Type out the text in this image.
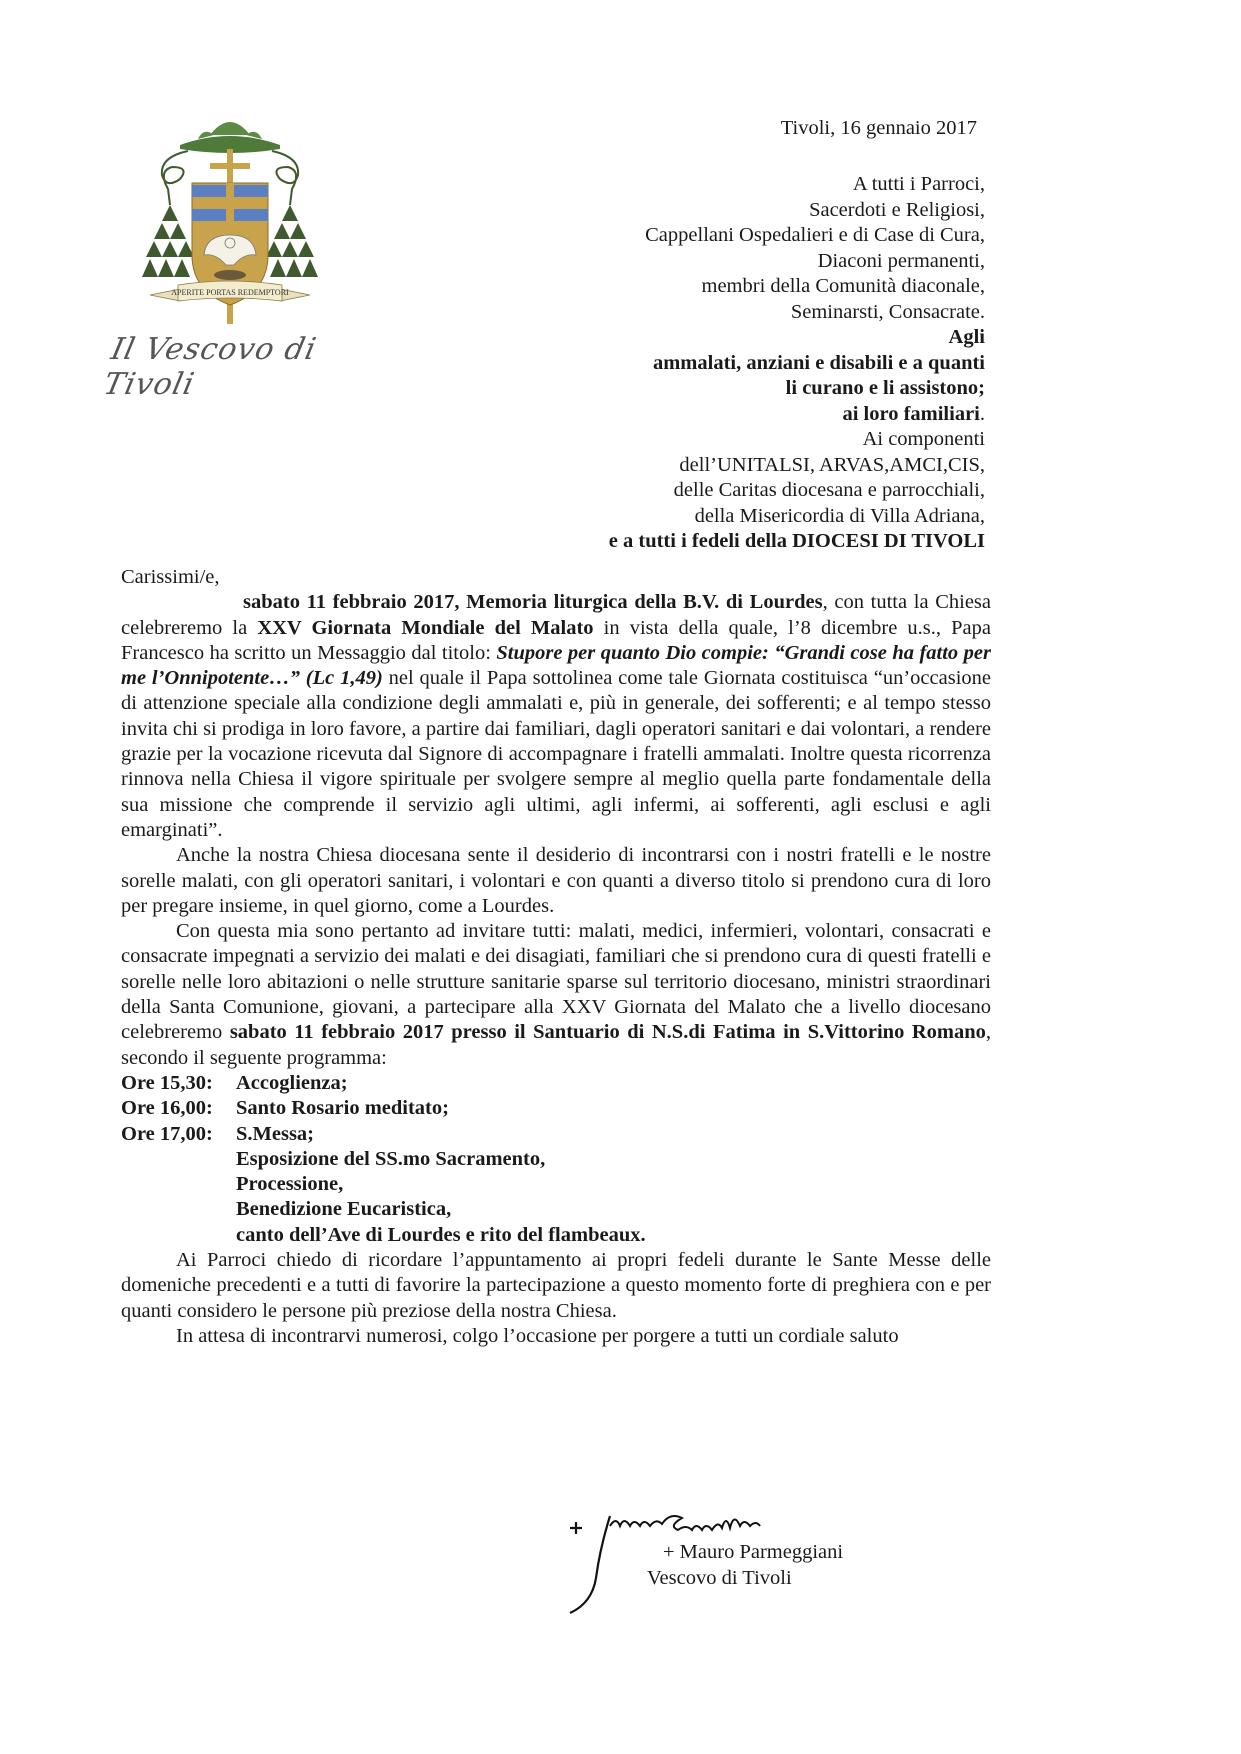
APERITE PORTAS REDEMPTORI
Il Vescovo di Tivoli
Tivoli, 16 gennaio 2017
A tutti i Parroci,
Sacerdoti e Religiosi,
Cappellani Ospedalieri e di Case di Cura,
Diaconi permanenti,
membri della Comunità diaconale,
Seminarsti, Consacrate.
Agli
ammalati, anziani e disabili e a quanti
li curano e li assistono;
ai loro familiari.
Ai componenti
dell’UNITALSI, ARVAS,AMCI,CIS,
delle Caritas diocesana e parrocchiali,
della Misericordia di Villa Adriana,
e a tutti i fedeli della DIOCESI DI TIVOLI

Carissimi/e,

sabato 11 febbraio 2017, Memoria liturgica della B.V. di Lourdes, con tutta la Chiesa celebreremo la XXV Giornata Mondiale del Malato in vista della quale, l’8 dicembre u.s., Papa Francesco ha scritto un Messaggio dal titolo: Stupore per quanto Dio compie: “Grandi cose ha fatto per me l’Onnipotente…” (Lc 1,49) nel quale il Papa sottolinea come tale Giornata costituisca “un’occasione di attenzione speciale alla condizione degli ammalati e, più in generale, dei sofferenti; e al tempo stesso invita chi si prodiga in loro favore, a partire dai familiari, dagli operatori sanitari e dai volontari, a rendere grazie per la vocazione ricevuta dal Signore di accompagnare i fratelli ammalati. Inoltre questa ricorrenza rinnova nella Chiesa il vigore spirituale per svolgere sempre al meglio quella parte fondamentale della sua missione che comprende il servizio agli ultimi, agli infermi, ai sofferenti, agli esclusi e agli emarginati”.

Anche la nostra Chiesa diocesana sente il desiderio di incontrarsi con i nostri fratelli e le nostre sorelle malati, con gli operatori sanitari, i volontari e con quanti a diverso titolo si prendono cura di loro per pregare insieme, in quel giorno, come a Lourdes.

Con questa mia sono pertanto ad invitare tutti: malati, medici, infermieri, volontari, consacrati e consacrate impegnati a servizio dei malati e dei disagiati, familiari che si prendono cura di questi fratelli e sorelle nelle loro abitazioni o nelle strutture sanitarie sparse sul territorio diocesano, ministri straordinari della Santa Comunione, giovani, a partecipare alla XXV Giornata del Malato che a livello diocesano celebreremo sabato 11 febbraio 2017 presso il Santuario di N.S.di Fatima in S.Vittorino Romano, secondo il seguente programma:

Ore 15,30:	Accoglienza;
Ore 16,00:	Santo Rosario meditato;
Ore 17,00:	S.Messa;
Esposizione del SS.mo Sacramento,
Processione,
Benedizione Eucaristica,
canto dell’Ave di Lourdes e rito del flambeaux.

Ai Parroci chiedo di ricordare l’appuntamento ai propri fedeli durante le Sante Messe delle domeniche precedenti e a tutti di favorire la partecipazione a questo momento forte di preghiera con e per quanti considero le persone più preziose della nostra Chiesa.

In attesa di incontrarvi numerosi, colgo l’occasione per porgere a tutti un cordiale saluto

+ Mauro Parmeggiani
Vescovo di Tivoli
